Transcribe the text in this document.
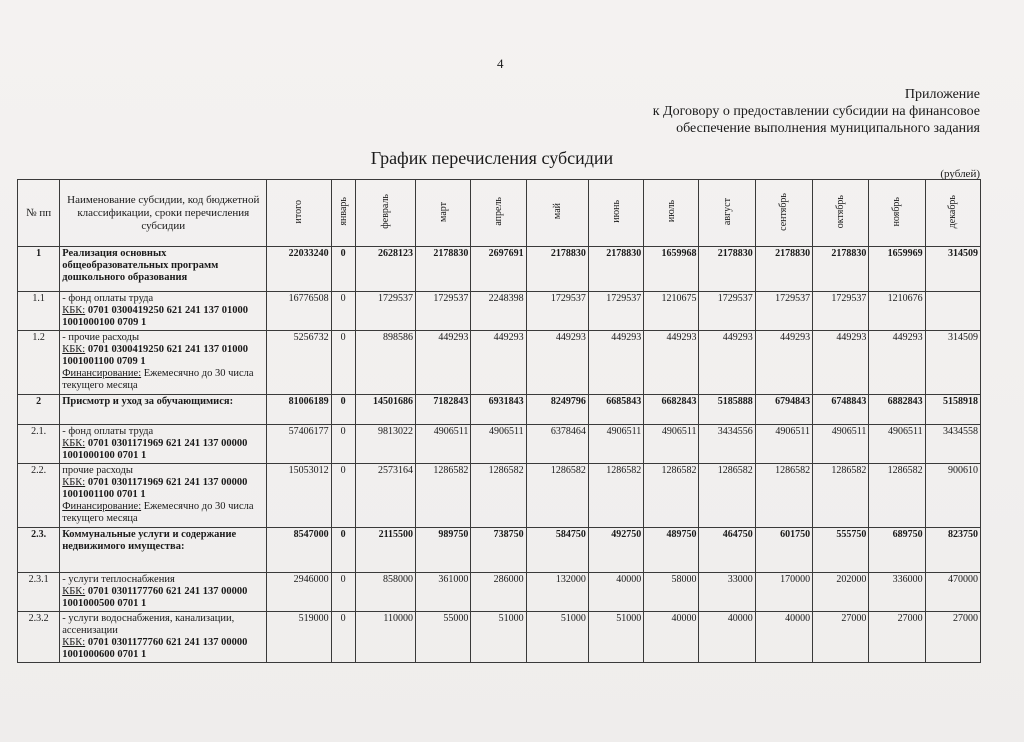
4
Приложение
к Договору о предоставлении субсидии на финансовое
обеспечение выполнения муниципального задания
График перечисления субсидии
(рублей)
№ пп	Наименование субсидии, код бюджетной классификации, сроки перечисления субсидии	итого	январь	февраль	март	апрель	май	июнь	июль	август	сентябрь	октябрь	ноябрь	декабрь
1	Реализация основных общеобразовательных программ дошкольного образования	22033240	0	2628123	2178830	2697691	2178830	2178830	1659968	2178830	2178830	2178830	1659969	314509
1.1	- фонд оплаты труда
КБК: 0701 0300419250 621 241 137 01000 1001000100 0709 1	16776508	0	1729537	1729537	2248398	1729537	1729537	1210675	1729537	1729537	1729537	1210676	
1.2	- прочие расходы
КБК: 0701 0300419250 621 241 137 01000 1001001100 0709 1
Финансирование: Ежемесячно до 30 числа текущего месяца	5256732	0	898586	449293	449293	449293	449293	449293	449293	449293	449293	449293	314509
2	Присмотр и уход за обучающимися:	81006189	0	14501686	7182843	6931843	8249796	6685843	6682843	5185888	6794843	6748843	6882843	5158918
2.1.	- фонд оплаты труда
КБК: 0701 0301171969 621 241 137 00000 1001000100 0701 1	57406177	0	9813022	4906511	4906511	6378464	4906511	4906511	3434556	4906511	4906511	4906511	3434558
2.2.	прочие расходы
КБК: 0701 0301171969 621 241 137 00000 1001001100 0701 1
Финансирование: Ежемесячно до 30 числа текущего месяца	15053012	0	2573164	1286582	1286582	1286582	1286582	1286582	1286582	1286582	1286582	1286582	900610
2.3.	Коммунальные услуги и содержание недвижимого имущества:	8547000	0	2115500	989750	738750	584750	492750	489750	464750	601750	555750	689750	823750
2.3.1	- услуги теплоснабжения
КБК: 0701 0301177760 621 241 137 00000 1001000500 0701 1	2946000	0	858000	361000	286000	132000	40000	58000	33000	170000	202000	336000	470000
2.3.2	- услуги водоснабжения, канализации, ассенизации
КБК: 0701 0301177760 621 241 137 00000 1001000600 0701 1	519000	0	110000	55000	51000	51000	51000	40000	40000	40000	27000	27000	27000
